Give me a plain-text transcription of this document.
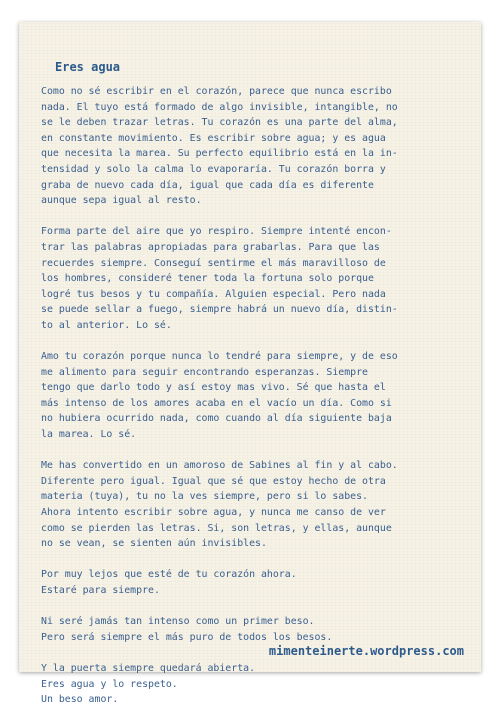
Eres agua

Como no sé escribir en el corazón, parece que nunca escribo
nada. El tuyo está formado de algo invisible, intangible, no
se le deben trazar letras. Tu corazón es una parte del alma,
en constante movimiento. Es escribir sobre agua; y es agua
que necesita la marea. Su perfecto equilibrio está en la in-
tensidad y solo la calma lo evaporaría. Tu corazón borra y
graba de nuevo cada día, igual que cada día es diferente
aunque sepa igual al resto.

Forma parte del aire que yo respiro. Siempre intenté encon-
trar las palabras apropiadas para grabarlas. Para que las
recuerdes siempre. Conseguí sentirme el más maravilloso de
los hombres, consideré tener toda la fortuna solo porque
logré tus besos y tu compañía. Alguien especial. Pero nada
se puede sellar a fuego, siempre habrá un nuevo día, distin-
to al anterior. Lo sé.

Amo tu corazón porque nunca lo tendré para siempre, y de eso
me alimento para seguir encontrando esperanzas. Siempre
tengo que darlo todo y así estoy mas vivo. Sé que hasta el
más intenso de los amores acaba en el vacío un día. Como si
no hubiera ocurrido nada, como cuando al día siguiente baja
la marea. Lo sé.

Me has convertido en un amoroso de Sabines al fin y al cabo.
Diferente pero igual. Igual que sé que estoy hecho de otra
materia (tuya), tu no la ves siempre, pero si lo sabes.
Ahora intento escribir sobre agua, y nunca me canso de ver
como se pierden las letras. Si, son letras, y ellas, aunque
no se vean, se sienten aún invisibles.

Por muy lejos que esté de tu corazón ahora.
Estaré para siempre.

Ni seré jamás tan intenso como un primer beso.
Pero será siempre el más puro de todos los besos.

Y la puerta siempre quedará abierta.
Eres agua y lo respeto.
Un beso amor.

mimenteinerte.wordpress.com
